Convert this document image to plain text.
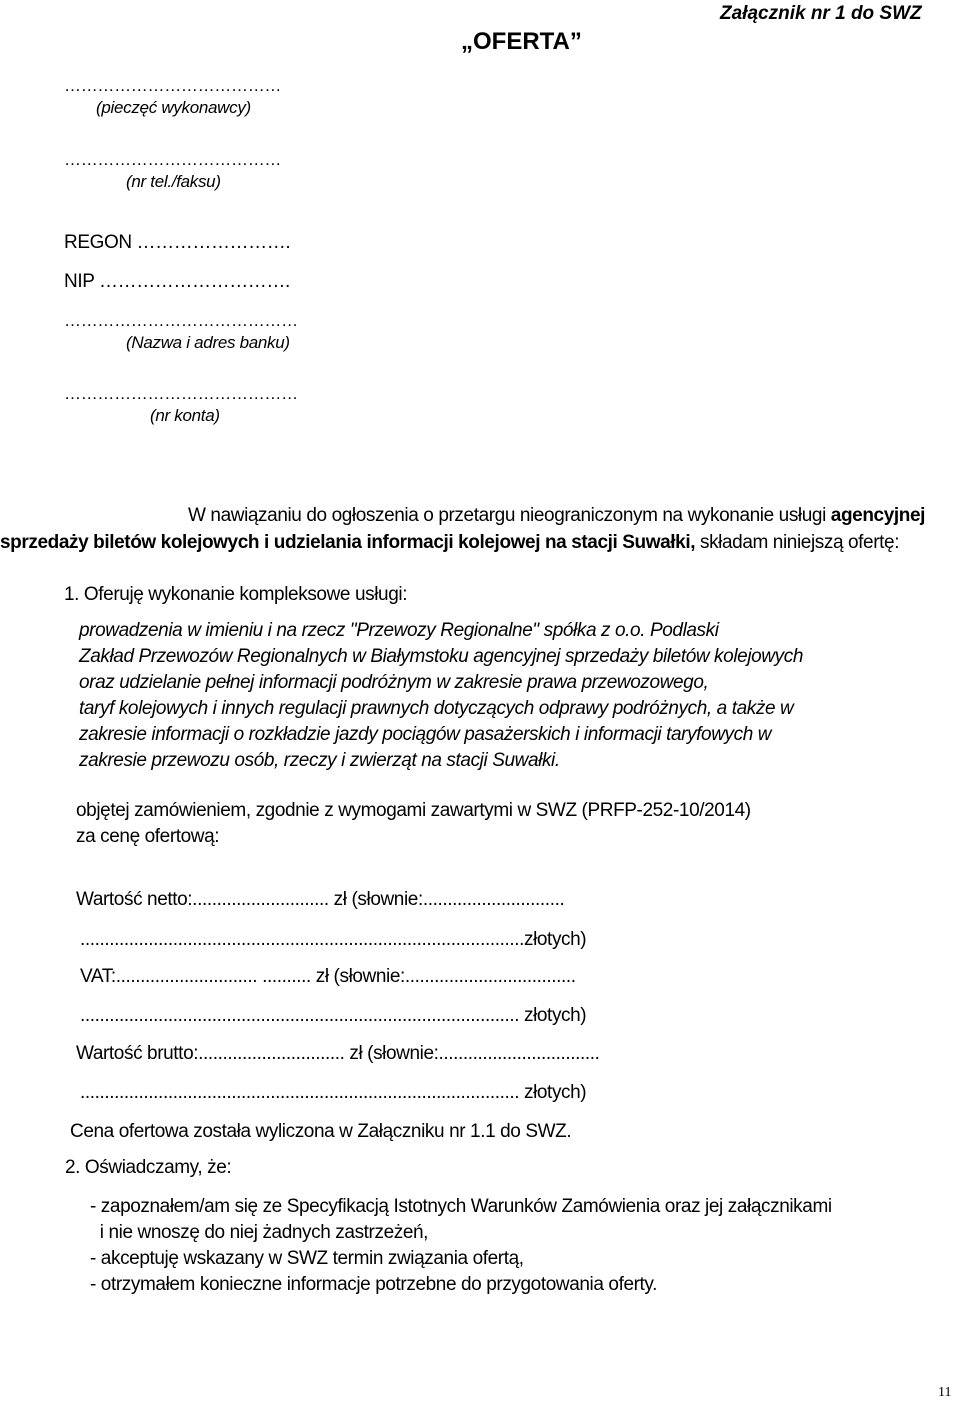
Załącznik nr 1 do SWZ
„OFERTA”
…………………………………
(pieczęć wykonawcy)
…………………………………
(nr tel./faksu)
REGON …………………….
NIP ………………………….
……………………………………
(Nazwa i adres banku)
……………………………………
(nr konta)
W nawiązaniu do ogłoszenia o przetargu nieograniczonym na wykonanie usługi agencyjnej
sprzedaży biletów kolejowych i udzielania informacji kolejowej na stacji Suwałki, składam niniejszą ofertę:
1. Oferuję wykonanie kompleksowe usługi:
prowadzenia w imieniu i na rzecz "Przewozy Regionalne" spółka z o.o. Podlaski
Zakład Przewozów Regionalnych w Białymstoku agencyjnej sprzedaży biletów kolejowych
oraz udzielanie pełnej informacji podróżnym w zakresie prawa przewozowego,
taryf kolejowych i innych regulacji prawnych dotyczących odprawy podróżnych, a także w
zakresie informacji o rozkładzie jazdy pociągów pasażerskich i informacji taryfowych w
zakresie przewozu osób, rzeczy i zwierząt na stacji Suwałki.
objętej zamówieniem, zgodnie z wymogami zawartymi w SWZ (PRFP-252-10/2014)
za cenę ofertową:
Wartość netto:............................ zł (słownie:.............................
...........................................................................................złotych)
VAT:............................. .......... zł (słownie:...................................
.......................................................................................... złotych)
Wartość brutto:.............................. zł (słownie:.................................
.......................................................................................... złotych)
Cena ofertowa została wyliczona w Załączniku nr 1.1 do SWZ.
2. Oświadczamy, że:
- zapoznałem/am się ze Specyfikacją Istotnych Warunków Zamówienia oraz jej załącznikami
i nie wnoszę do niej żadnych zastrzeżeń,
- akceptuję wskazany w SWZ termin związania ofertą,
- otrzymałem konieczne informacje potrzebne do przygotowania oferty.
11
